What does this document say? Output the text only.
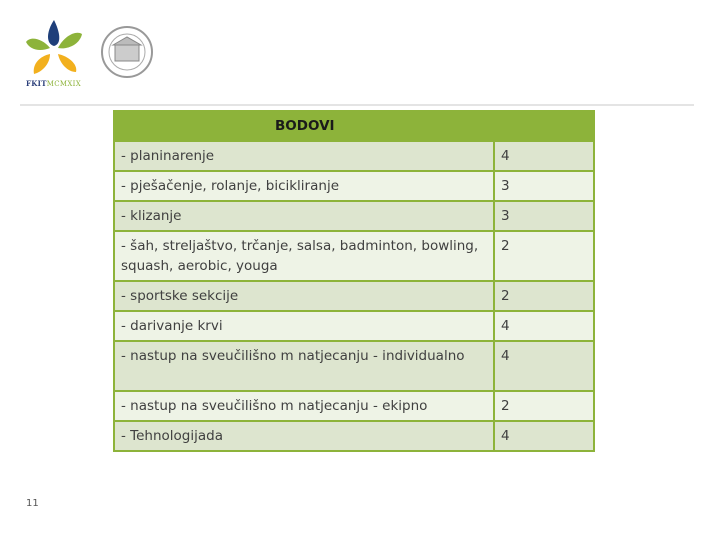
FKITMCMXIX
BODOVI	
- planinarenje	4
- pješačenje, rolanje, bicikliranje	3
- klizanje	3
- šah, streljaštvo, trčanje, salsa, badminton, bowling, squash, aerobic, youga	2
- sportske sekcije	2
- darivanje krvi	4
- nastup na sveučilišno m natjecanju - individualno	4
- nastup na sveučilišno m natjecanju - ekipno	2
- Tehnologijada	4
11
